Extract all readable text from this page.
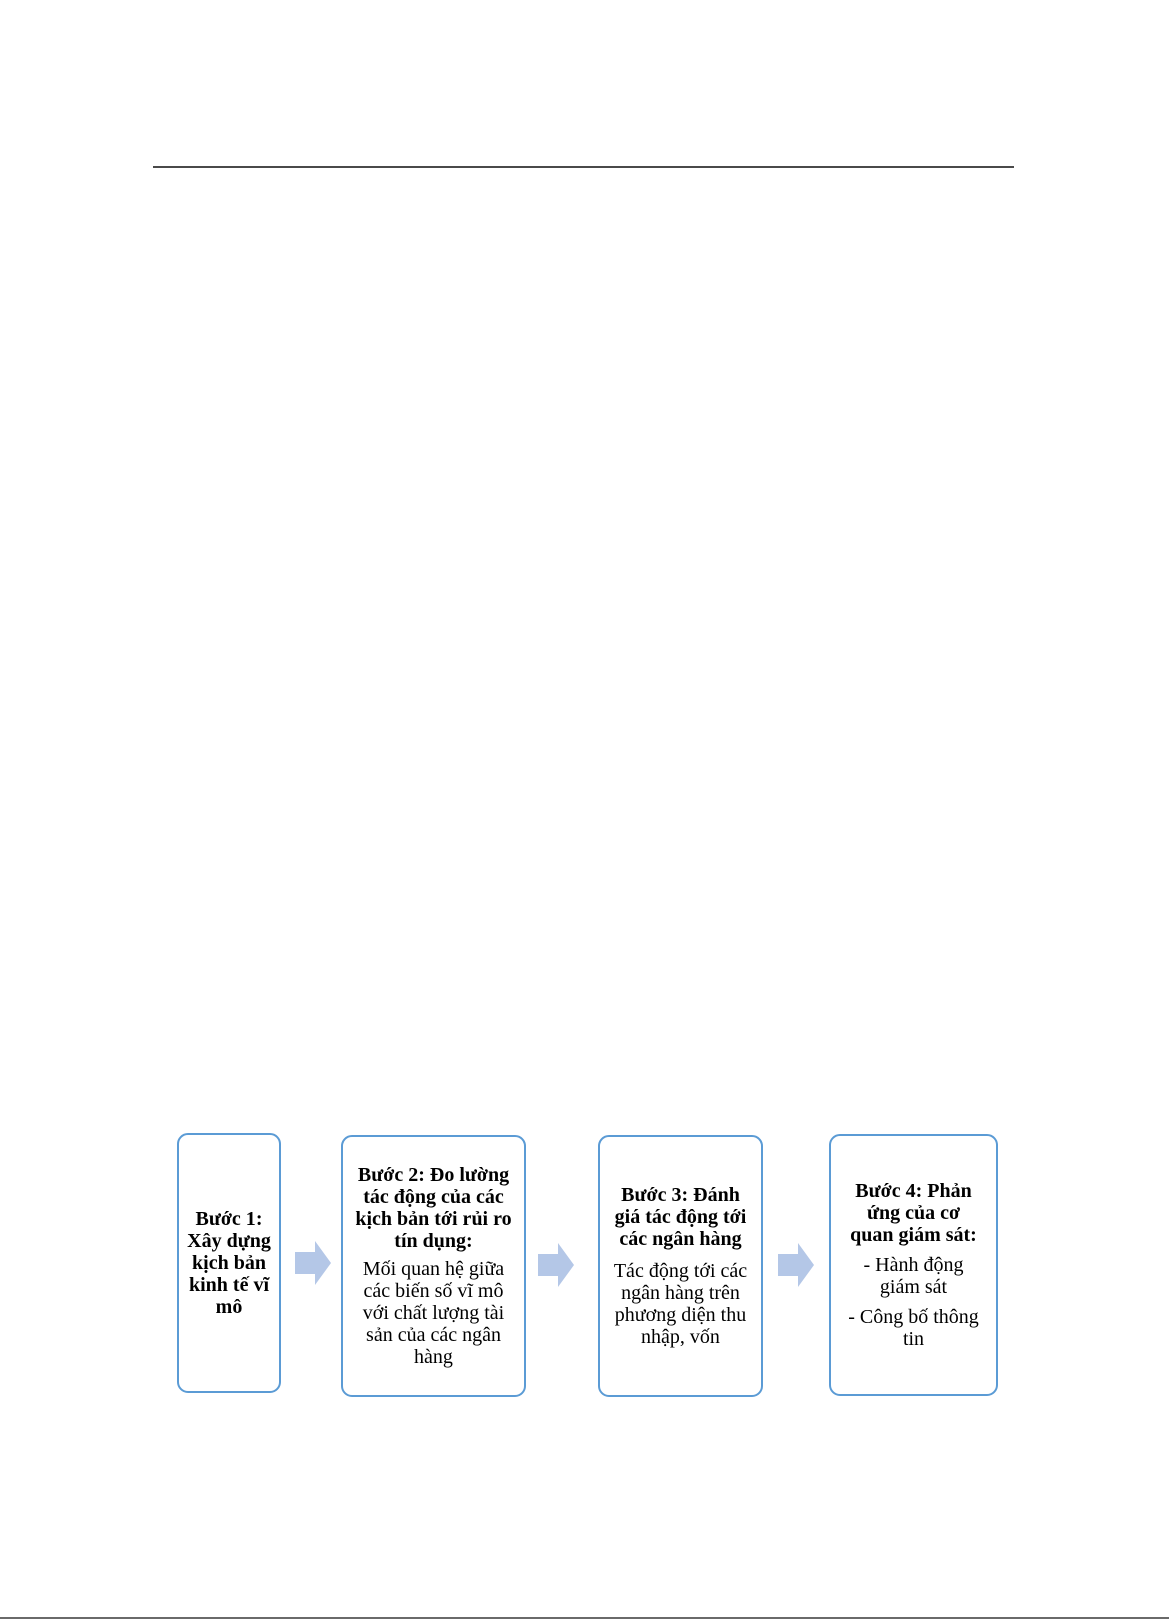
Bước 1: Xây dựng kịch bản kinh tế vĩ mô
Bước 2: Đo lường tác động của các kịch bản tới rủi ro tín dụng:
Mối quan hệ giữa các biến số vĩ mô với chất lượng tài sản của các ngân hàng
Bước 3: Đánh giá tác động tới các ngân hàng
Tác động tới các ngân hàng trên phương diện thu nhập, vốn
Bước 4: Phản ứng của cơ quan giám sát:
- Hành động giám sát
- Công bố thông tin
